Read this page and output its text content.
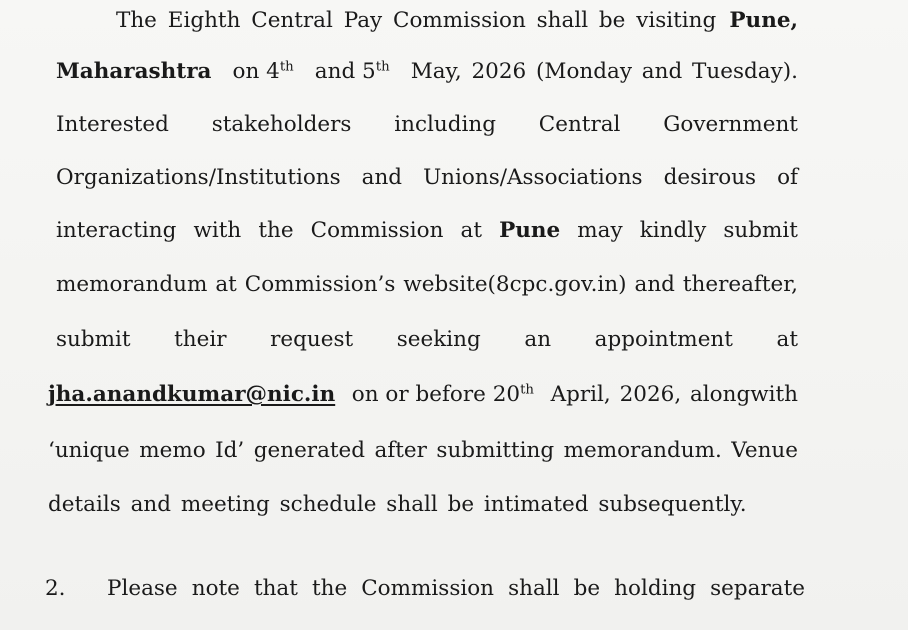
The Eighth Central Pay Commission shall be visiting Pune,
Maharashtra on 4th and 5th May, 2026 (Monday and Tuesday).
Interested stakeholders including Central Government
Organizations/Institutions and Unions/Associations desirous of
interacting with the Commission at Pune may kindly submit
memorandum at Commission’s website(8cpc.gov.in) and thereafter,
submit their request seeking an appointment at
jha.anandkumar@nic.in on or before 20th April, 2026, alongwith
‘unique memo Id’ generated after submitting memorandum. Venue
details and meeting schedule shall be intimated subsequently.
2.	Please note that the Commission shall be holding separate
